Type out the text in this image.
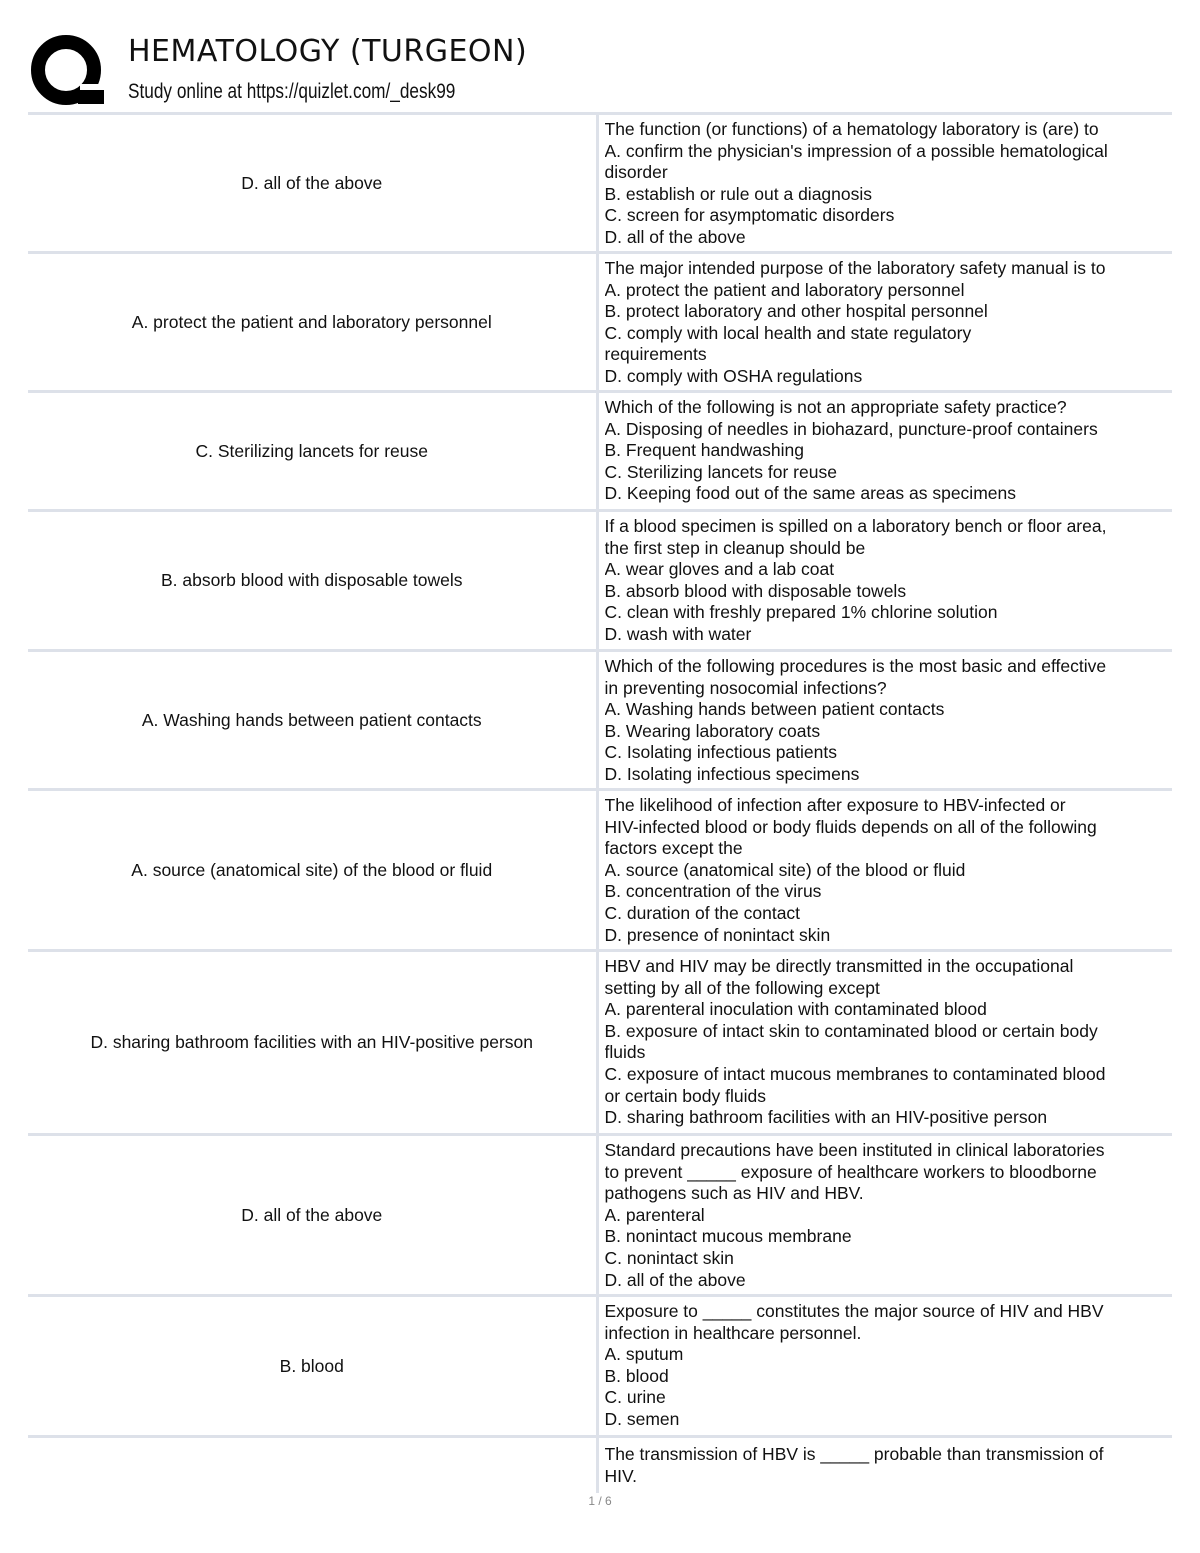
HEMATOLOGY (TURGEON)
Study online at https://quizlet.com/_desk99
D. all of the above
The function (or functions) of a hematology laboratory is (are) to
A. confirm the physician's impression of a possible hematological
disorder
B. establish or rule out a diagnosis
C. screen for asymptomatic disorders
D. all of the above
A. protect the patient and laboratory personnel
The major intended purpose of the laboratory safety manual is to
A. protect the patient and laboratory personnel
B. protect laboratory and other hospital personnel
C. comply with local health and state regulatory
requirements
D. comply with OSHA regulations
C. Sterilizing lancets for reuse
Which of the following is not an appropriate safety practice?
A. Disposing of needles in biohazard, puncture-proof containers
B. Frequent handwashing
C. Sterilizing lancets for reuse
D. Keeping food out of the same areas as specimens
B. absorb blood with disposable towels
If a blood specimen is spilled on a laboratory bench or floor area,
the first step in cleanup should be
A. wear gloves and a lab coat
B. absorb blood with disposable towels
C. clean with freshly prepared 1% chlorine solution
D. wash with water
A. Washing hands between patient contacts
Which of the following procedures is the most basic and effective
in preventing nosocomial infections?
A. Washing hands between patient contacts
B. Wearing laboratory coats
C. Isolating infectious patients
D. Isolating infectious specimens
A. source (anatomical site) of the blood or fluid
The likelihood of infection after exposure to HBV-infected or
HIV-infected blood or body fluids depends on all of the following
factors except the
A. source (anatomical site) of the blood or fluid
B. concentration of the virus
C. duration of the contact
D. presence of nonintact skin
D. sharing bathroom facilities with an HIV-positive person
HBV and HIV may be directly transmitted in the occupational
setting by all of the following except
A. parenteral inoculation with contaminated blood
B. exposure of intact skin to contaminated blood or certain body
fluids
C. exposure of intact mucous membranes to contaminated blood
or certain body fluids
D. sharing bathroom facilities with an HIV-positive person
D. all of the above
Standard precautions have been instituted in clinical laboratories
to prevent _____ exposure of healthcare workers to bloodborne
pathogens such as HIV and HBV.
A. parenteral
B. nonintact mucous membrane
C. nonintact skin
D. all of the above
B. blood
Exposure to _____ constitutes the major source of HIV and HBV
infection in healthcare personnel.
A. sputum
B. blood
C. urine
D. semen
The transmission of HBV is _____ probable than transmission of
HIV.
1 / 6
